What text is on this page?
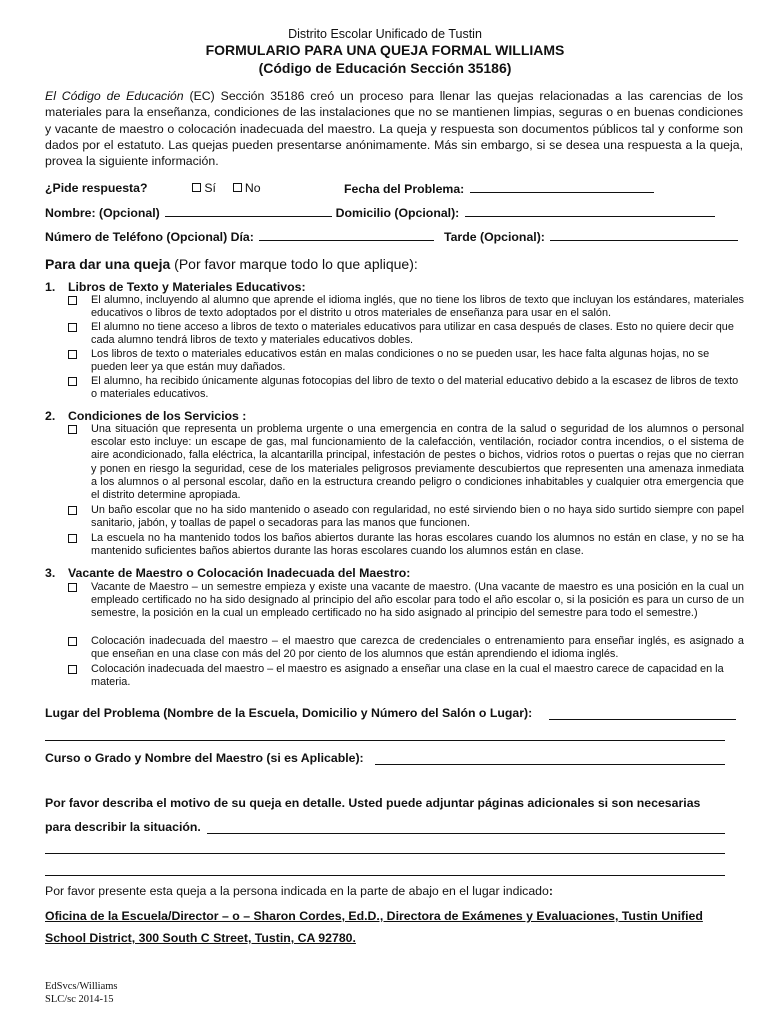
Distrito Escolar Unificado de Tustin
FORMULARIO PARA UNA QUEJA FORMAL WILLIAMS
(Código de Educación Sección 35186)
El Código de Educación (EC) Sección 35186 creó un proceso para llenar las quejas relacionadas a las carencias de los materiales para la enseñanza, condiciones de las instalaciones que no se mantienen limpias, seguras o en buenas condiciones y vacante de maestro o colocación inadecuada del maestro. La queja y respuesta son documentos públicos tal y conforme son dados por el estatuto. Las quejas pueden presentarse anónimamente. Más sin embargo, si se desea una respuesta a la queja, provea la siguiente información.
¿Pide respuesta?	Sí No	Fecha del Problema:
Nombre: (Opcional)	Domicilio (Opcional):
Número de Teléfono (Opcional) Día:	Tarde (Opcional):
Para dar una queja (Por favor marque todo lo que aplique):
1. Libros de Texto y Materiales Educativos:
El alumno, incluyendo al alumno que aprende el idioma inglés, que no tiene los libros de texto que incluyan los estándares, materiales educativos o libros de texto adoptados por el distrito u otros materiales de enseñanza para usar en el salón.
El alumno no tiene acceso a libros de texto o materiales educativos para utilizar en casa después de clases. Esto no quiere decir que cada alumno tendrá libros de texto y materiales educativos dobles.
Los libros de texto o materiales educativos están en malas condiciones o no se pueden usar, les hace falta algunas hojas, no se pueden leer ya que están muy dañados.
El alumno, ha recibido únicamente algunas fotocopias del libro de texto o del material educativo debido a la escasez de libros de texto o materiales educativos.
2. Condiciones de los Servicios :
Una situación que representa un problema urgente o una emergencia en contra de la salud o seguridad de los alumnos o personal escolar esto incluye: un escape de gas, mal funcionamiento de la calefacción, ventilación, rociador contra incendios, o el sistema de aire acondicionado, falla eléctrica, la alcantarilla principal, infestación de pestes o bichos, vidrios rotos o puertas o rejas que no cierran y ponen en riesgo la seguridad, cese de los materiales peligrosos previamente descubiertos que representen una amenaza inmediata a los alumnos o al personal escolar, daño en la estructura creando peligro o condiciones inhabitables y cualquier otra emergencia que el distrito determine apropiada.
Un baño escolar que no ha sido mantenido o aseado con regularidad, no esté sirviendo bien o no haya sido surtido siempre con papel sanitario, jabón, y toallas de papel o secadoras para las manos que funcionen.
La escuela no ha mantenido todos los baños abiertos durante las horas escolares cuando los alumnos no están en clase, y no se ha mantenido suficientes baños abiertos durante las horas escolares cuando los alumnos están en clase.
3. Vacante de Maestro o Colocación Inadecuada del Maestro:
Vacante de Maestro – un semestre empieza y existe una vacante de maestro. (Una vacante de maestro es una posición en la cual un empleado certificado no ha sido designado al principio del año escolar para todo el año escolar o, si la posición es para un curso de un semestre, la posición en la cual un empleado certificado no ha sido asignado al principio del semestre para todo el semestre.)
Colocación inadecuada del maestro – el maestro que carezca de credenciales o entrenamiento para enseñar inglés, es asignado a que enseñan en una clase con más del 20 por ciento de los alumnos que están aprendiendo el idioma inglés.
Colocación inadecuada del maestro – el maestro es asignado a enseñar una clase en la cual el maestro carece de capacidad en la materia.
Lugar del Problema (Nombre de la Escuela, Domicilio y Número del Salón o Lugar):
Curso o Grado y Nombre del Maestro (si es Aplicable):
Por favor describa el motivo de su queja en detalle. Usted puede adjuntar páginas adicionales si son necesarias
para describir la situación.
Por favor presente esta queja a la persona indicada en la parte de abajo en el lugar indicado:
Oficina de la Escuela/Director – o – Sharon Cordes, Ed.D., Directora de Exámenes y Evaluaciones, Tustin Unified
School District, 300 South C Street, Tustin, CA 92780.
EdSvcs/Williams
SLC/sc 2014-15
